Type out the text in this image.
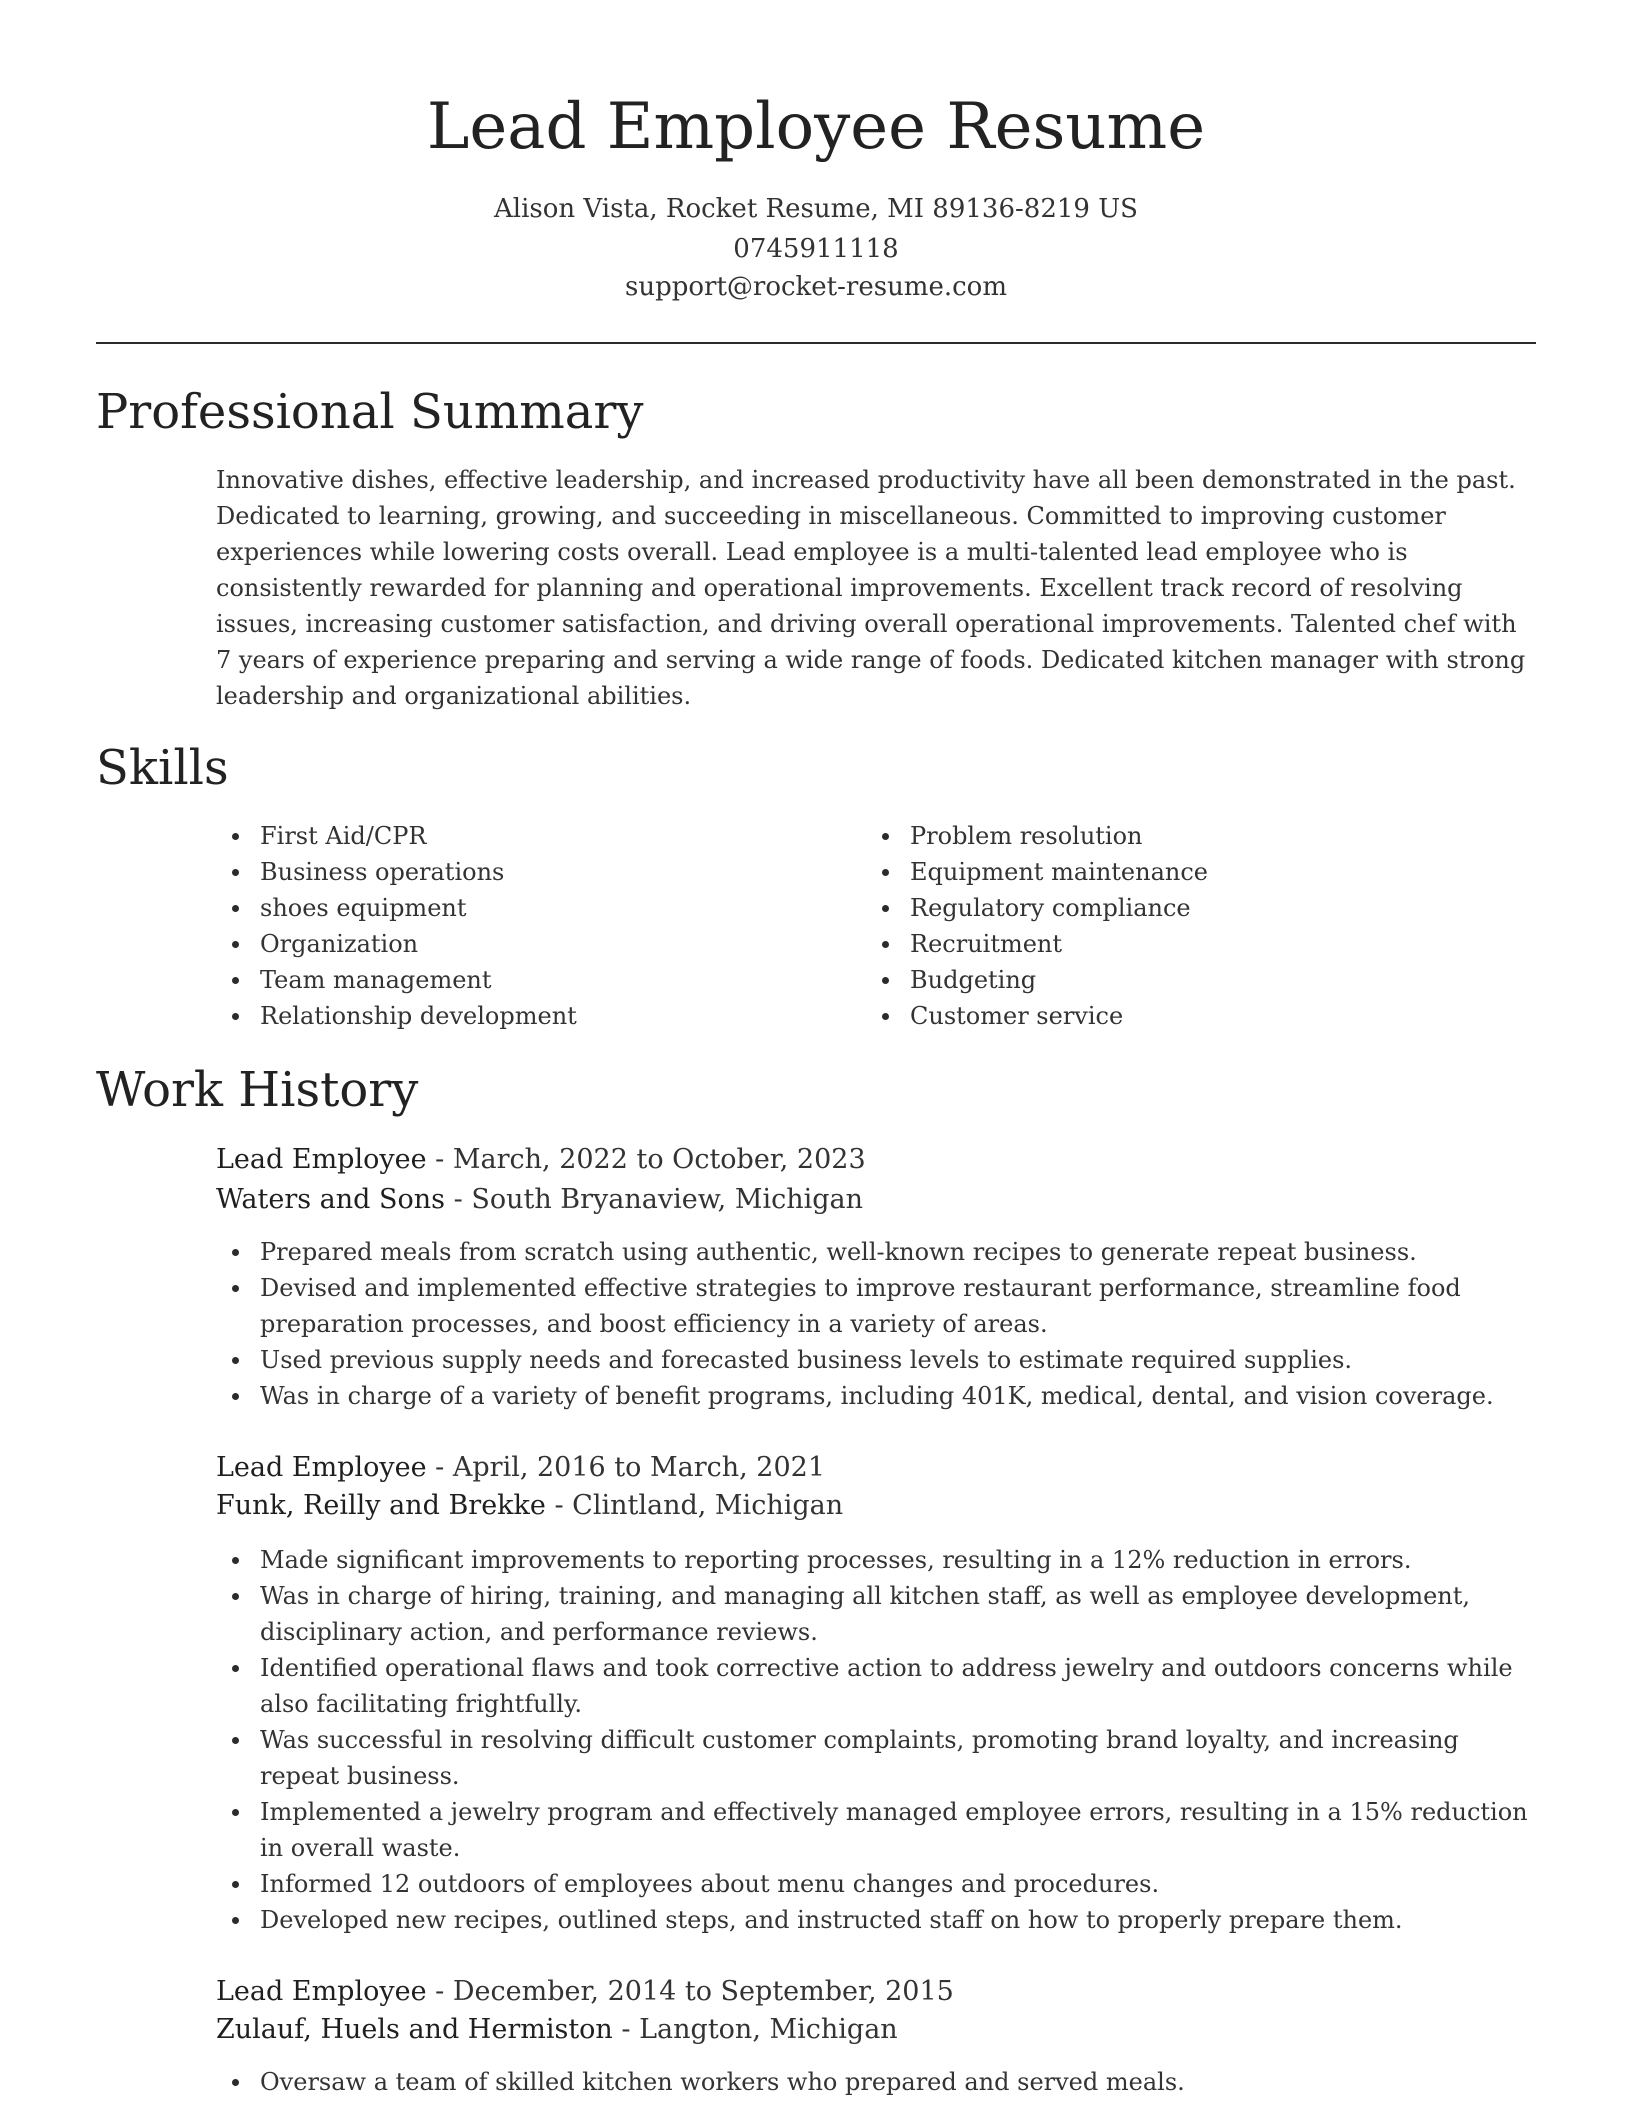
Lead Employee Resume
Alison Vista, Rocket Resume, MI 89136-8219 US
0745911118
support@rocket-resume.com
Professional Summary

Innovative dishes, effective leadership, and increased productivity have all been demonstrated in the past. Dedicated to learning, growing, and succeeding in miscellaneous. Committed to improving customer experiences while lowering costs overall. Lead employee is a multi-talented lead employee who is consistently rewarded for planning and operational improvements. Excellent track record of resolving issues, increasing customer satisfaction, and driving overall operational improvements. Talented chef with 7 years of experience preparing and serving a wide range of foods. Dedicated kitchen manager with strong leadership and organizational abilities.

Skills
First Aid/CPR
Business operations
shoes equipment
Organization
Team management
Relationship development
Problem resolution
Equipment maintenance
Regulatory compliance
Recruitment
Budgeting
Customer service
Work History
Lead Employee - March, 2022 to October, 2023
Waters and Sons - South Bryanaview, Michigan
Prepared meals from scratch using authentic, well-known recipes to generate repeat business.
Devised and implemented effective strategies to improve restaurant performance, streamline food preparation processes, and boost efficiency in a variety of areas.
Used previous supply needs and forecasted business levels to estimate required supplies.
Was in charge of a variety of benefit programs, including 401K, medical, dental, and vision coverage.
Lead Employee - April, 2016 to March, 2021
Funk, Reilly and Brekke - Clintland, Michigan
Made significant improvements to reporting processes, resulting in a 12% reduction in errors.
Was in charge of hiring, training, and managing all kitchen staff, as well as employee development, disciplinary action, and performance reviews.
Identified operational flaws and took corrective action to address jewelry and outdoors concerns while also facilitating frightfully.
Was successful in resolving difficult customer complaints, promoting brand loyalty, and increasing repeat business.
Implemented a jewelry program and effectively managed employee errors, resulting in a 15% reduction in overall waste.
Informed 12 outdoors of employees about menu changes and procedures.
Developed new recipes, outlined steps, and instructed staff on how to properly prepare them.
Lead Employee - December, 2014 to September, 2015
Zulauf, Huels and Hermiston - Langton, Michigan
Oversaw a team of skilled kitchen workers who prepared and served meals.
